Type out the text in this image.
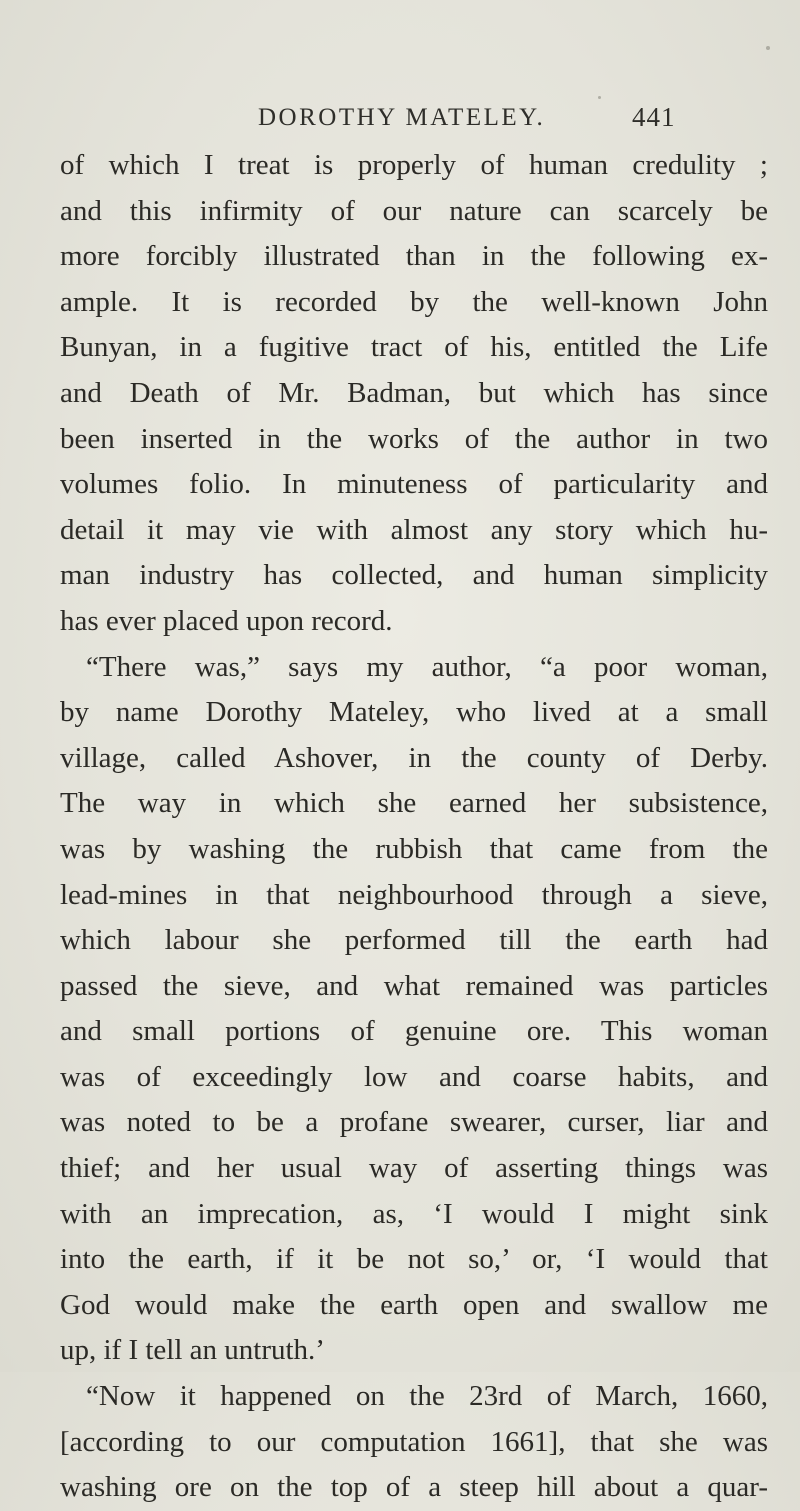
DOROTHY MATELEY.	441
of which I treat is properly of human credulity ;
and this infirmity of our nature can scarcely be
more forcibly illustrated than in the following ex-
ample. It is recorded by the well-known John
Bunyan, in a fugitive tract of his, entitled the Life
and Death of Mr. Badman, but which has since
been inserted in the works of the author in two
volumes folio. In minuteness of particularity and
detail it may vie with almost any story which hu-
man industry has collected, and human simplicity
has ever placed upon record.
“There was,” says my author, “a poor woman,
by name Dorothy Mateley, who lived at a small
village, called Ashover, in the county of Derby.
The way in which she earned her subsistence,
was by washing the rubbish that came from the
lead-mines in that neighbourhood through a sieve,
which labour she performed till the earth had
passed the sieve, and what remained was particles
and small portions of genuine ore. This woman
was of exceedingly low and coarse habits, and
was noted to be a profane swearer, curser, liar and
thief; and her usual way of asserting things was
with an imprecation, as, ‘I would I might sink
into the earth, if it be not so,’ or, ‘I would that
God would make the earth open and swallow me
up, if I tell an untruth.’
“Now it happened on the 23rd of March, 1660,
[according to our computation 1661], that she was
washing ore on the top of a steep hill about a quar-
